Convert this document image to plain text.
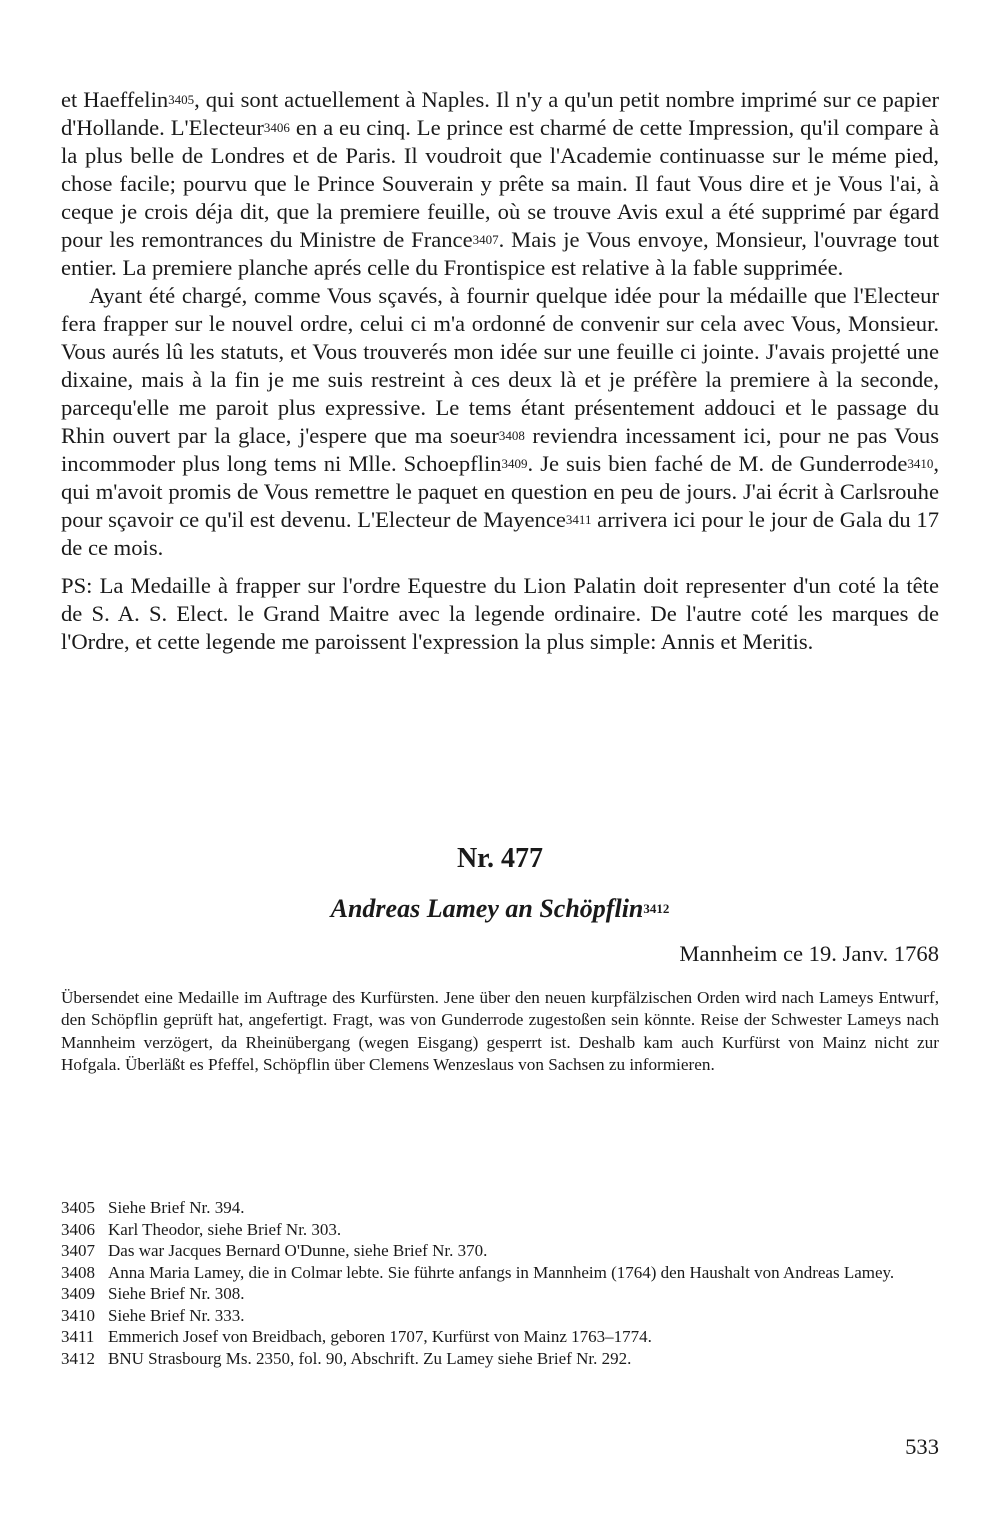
et Haeffelin$^{3405}$, qui sont actuellement à Naples. Il n'y a qu'un petit nombre imprimé sur ce papier d'Hollande. L'Electeur$^{3406}$ en a eu cinq. Le prince est charmé de cette Impression, qu'il compare à la plus belle de Londres et de Paris. Il voudroit que l'Academie continuasse sur le méme pied, chose facile; pourvu que le Prince Souverain y prête sa main. Il faut Vous dire et je Vous l'ai, à ceque je crois déja dit, que la premiere feuille, où se trouve Avis exul a été supprimé par égard pour les remontrances du Ministre de France$^{3407}$. Mais je Vous envoye, Monsieur, l'ouvrage tout entier. La premiere planche aprés celle du Frontispice est relative à la fable supprimée.

Ayant été chargé, comme Vous sçavés, à fournir quelque idée pour la médaille que l'Electeur fera frapper sur le nouvel ordre, celui ci m'a ordonné de convenir sur cela avec Vous, Monsieur. Vous aurés lû les statuts, et Vous trouverés mon idée sur une feuille ci jointe. J'avais projetté une dixaine, mais à la fin je me suis restreint à ces deux là et je préfère la premiere à la seconde, parcequ'elle me paroit plus expressive. Le tems étant présentement addouci et le passage du Rhin ouvert par la glace, j'espere que ma soeur$^{3408}$ reviendra incessament ici, pour ne pas Vous incommoder plus long tems ni Mlle. Schoepflin$^{3409}$. Je suis bien faché de M. de Gunderrode$^{3410}$, qui m'avoit promis de Vous remettre le paquet en question en peu de jours. J'ai écrit à Carlsrouhe pour sçavoir ce qu'il est devenu. L'Electeur de Mayence$^{3411}$ arrivera ici pour le jour de Gala du 17 de ce mois.

PS: La Medaille à frapper sur l'ordre Equestre du Lion Palatin doit representer d'un coté la tête de S. A. S. Elect. le Grand Maitre avec la legende ordinaire. De l'autre coté les marques de l'Ordre, et cette legende me paroissent l'expression la plus simple: Annis et Meritis.

Nr. 477
Andreas Lamey an Schöpflin$^{3412}$

Mannheim ce 19. Janv. 1768

Übersendet eine Medaille im Auftrage des Kurfürsten. Jene über den neuen kurpfälzischen Orden wird nach Lameys Entwurf, den Schöpflin geprüft hat, angefertigt. Fragt, was von Gunderrode zugestoßen sein könnte. Reise der Schwester Lameys nach Mannheim verzögert, da Rheinübergang (wegen Eisgang) gesperrt ist. Deshalb kam auch Kurfürst von Mainz nicht zur Hofgala. Überläßt es Pfeffel, Schöpflin über Clemens Wenzeslaus von Sachsen zu informieren.

3405 Siehe Brief Nr. 394.
3406 Karl Theodor, siehe Brief Nr. 303.
3407 Das war Jacques Bernard O'Dunne, siehe Brief Nr. 370.
3408 Anna Maria Lamey, die in Colmar lebte. Sie führte anfangs in Mannheim (1764) den Haushalt von Andreas Lamey.
3409 Siehe Brief Nr. 308.
3410 Siehe Brief Nr. 333.
3411 Emmerich Josef von Breidbach, geboren 1707, Kurfürst von Mainz 1763–1774.
3412 BNU Strasbourg Ms. 2350, fol. 90, Abschrift. Zu Lamey siehe Brief Nr. 292.

533
